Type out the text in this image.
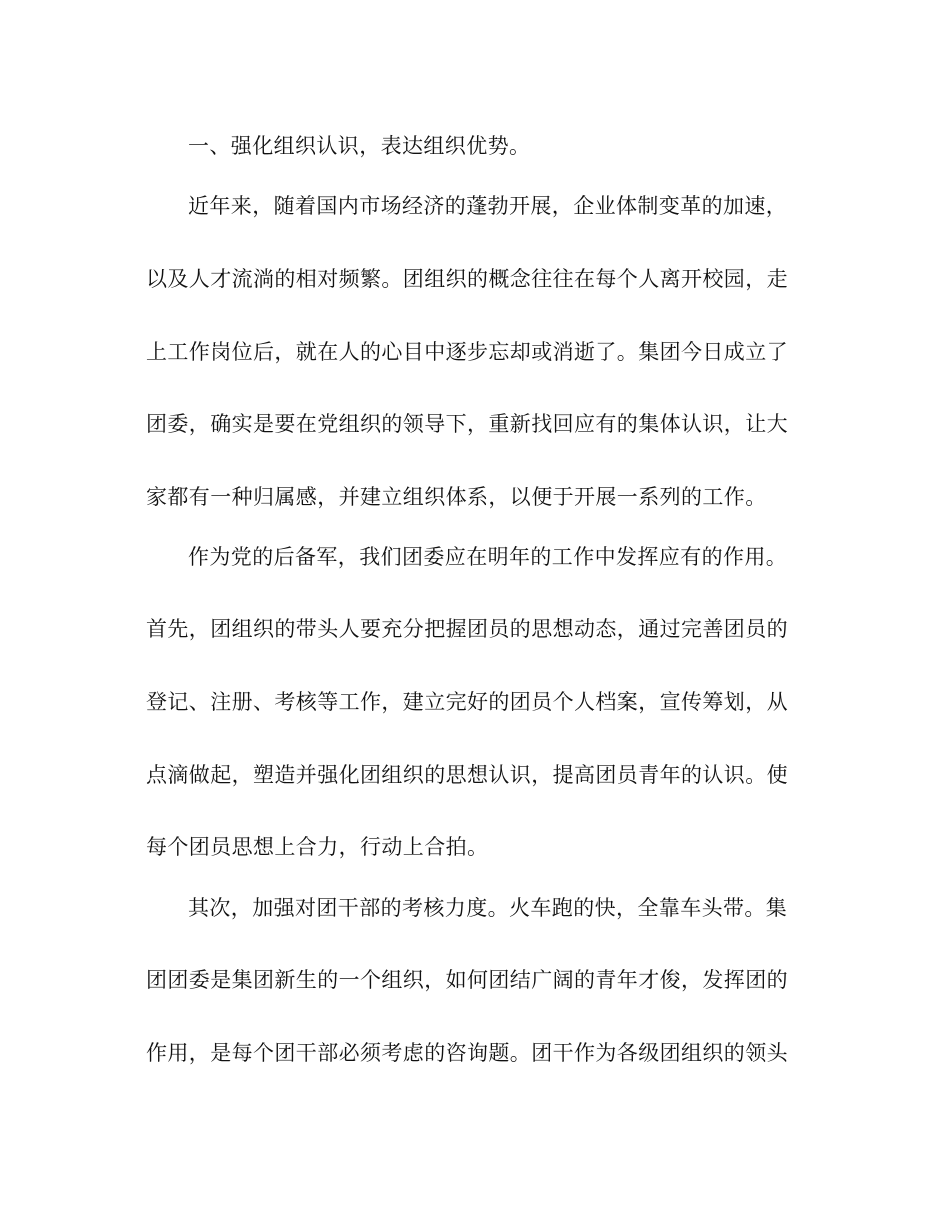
一、强化组织认识，表达组织优势。
近年来，随着国内市场经济的蓬勃开展，企业体制变革的加速，
以及人才流淌的相对频繁。团组织的概念往往在每个人离开校园，走
上工作岗位后，就在人的心目中逐步忘却或消逝了。集团今日成立了
团委，确实是要在党组织的领导下，重新找回应有的集体认识，让大
家都有一种归属感，并建立组织体系，以便于开展一系列的工作。
作为党的后备军，我们团委应在明年的工作中发挥应有的作用。
首先，团组织的带头人要充分把握团员的思想动态，通过完善团员的
登记、注册、考核等工作，建立完好的团员个人档案，宣传筹划，从
点滴做起，塑造并强化团组织的思想认识，提高团员青年的认识。使
每个团员思想上合力，行动上合拍。
其次，加强对团干部的考核力度。火车跑的快，全靠车头带。集
团团委是集团新生的一个组织，如何团结广阔的青年才俊，发挥团的
作用，是每个团干部必须考虑的咨询题。团干作为各级团组织的领头
